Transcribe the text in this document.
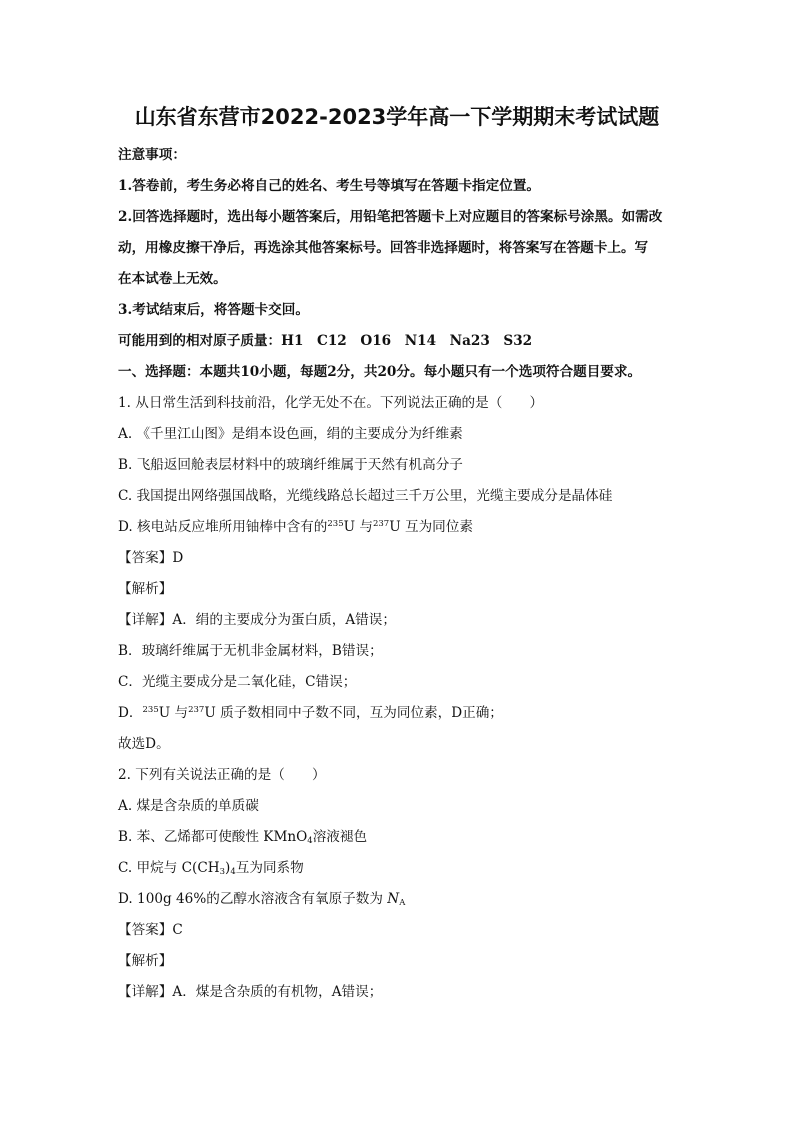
山东省东营市2022-2023学年高一下学期期末考试试题
注意事项：
1.答卷前，考生务必将自己的姓名、考生号等填写在答题卡指定位置。
2.回答选择题时，选出每小题答案后，用铅笔把答题卡上对应题目的答案标号涂黑。如需改
动，用橡皮擦干净后，再选涂其他答案标号。回答非选择题时，将答案写在答题卡上。写
在本试卷上无效。
3.考试结束后，将答题卡交回。
可能用到的相对原子质量：H1　C12　O16　N14　Na23　S32
一、选择题：本题共10小题，每题2分，共20分。每小题只有一个选项符合题目要求。
1. 从日常生活到科技前沿，化学无处不在。下列说法正确的是（　　）
A. 《千里江山图》是绢本设色画，绢的主要成分为纤维素
B. 飞船返回舱表层材料中的玻璃纤维属于天然有机高分子
C. 我国提出网络强国战略，光缆线路总长超过三千万公里，光缆主要成分是晶体硅
D. 核电站反应堆所用铀棒中含有的$^{235}$U 与$^{237}$U 互为同位素
【答案】D
【解析】
【详解】A．绢的主要成分为蛋白质，A错误；
B．玻璃纤维属于无机非金属材料，B错误；
C．光缆主要成分是二氧化硅，C错误；
D．$^{235}$U 与$^{237}$U 质子数相同中子数不同，互为同位素，D正确；
故选D。
2. 下列有关说法正确的是（　　）
A. 煤是含杂质的单质碳
B. 苯、乙烯都可使酸性 KMnO$_4$溶液褪色
C. 甲烷与 $C(CH_3)_4$互为同系物
D. 100g 46%的乙醇水溶液含有氧原子数为 $N_A$
【答案】C
【解析】
【详解】A．煤是含杂质的有机物，A错误；
